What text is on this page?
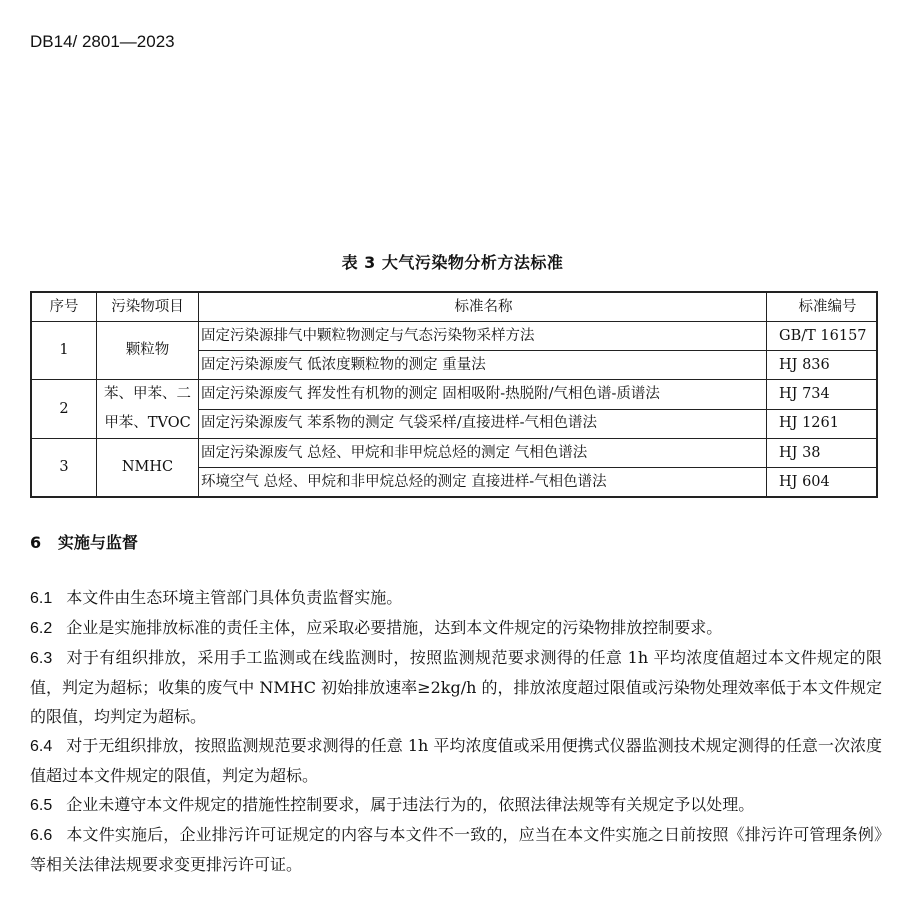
DB14/ 2801—2023
表 3 大气污染物分析方法标准
序号	污染物项目	标准名称	标准编号
1	颗粒物	固定污染源排气中颗粒物测定与气态污染物采样方法	GB/T 16157
		固定污染源废气 低浓度颗粒物的测定 重量法	HJ 836
2	苯、甲苯、二甲苯、TVOC	固定污染源废气 挥发性有机物的测定 固相吸附-热脱附/气相色谱-质谱法	HJ 734
		固定污染源废气 苯系物的测定 气袋采样/直接进样-气相色谱法	HJ 1261
3	NMHC	固定污染源废气 总烃、甲烷和非甲烷总烃的测定 气相色谱法	HJ 38
		环境空气 总烃、甲烷和非甲烷总烃的测定 直接进样-气相色谱法	HJ 604
6 实施与监督

6.1 本文件由生态环境主管部门具体负责监督实施。

6.2 企业是实施排放标准的责任主体，应采取必要措施，达到本文件规定的污染物排放控制要求。

6.3 对于有组织排放，采用手工监测或在线监测时，按照监测规范要求测得的任意 1h 平均浓度值超过本文件规定的限值，判定为超标；收集的废气中 NMHC 初始排放速率≥2kg/h 的，排放浓度超过限值或污染物处理效率低于本文件规定的限值，均判定为超标。

6.4 对于无组织排放，按照监测规范要求测得的任意 1h 平均浓度值或采用便携式仪器监测技术规定测得的任意一次浓度值超过本文件规定的限值，判定为超标。

6.5 企业未遵守本文件规定的措施性控制要求，属于违法行为的，依照法律法规等有关规定予以处理。

6.6 本文件实施后，企业排污许可证规定的内容与本文件不一致的，应当在本文件实施之日前按照《排污许可管理条例》等相关法律法规要求变更排污许可证。
